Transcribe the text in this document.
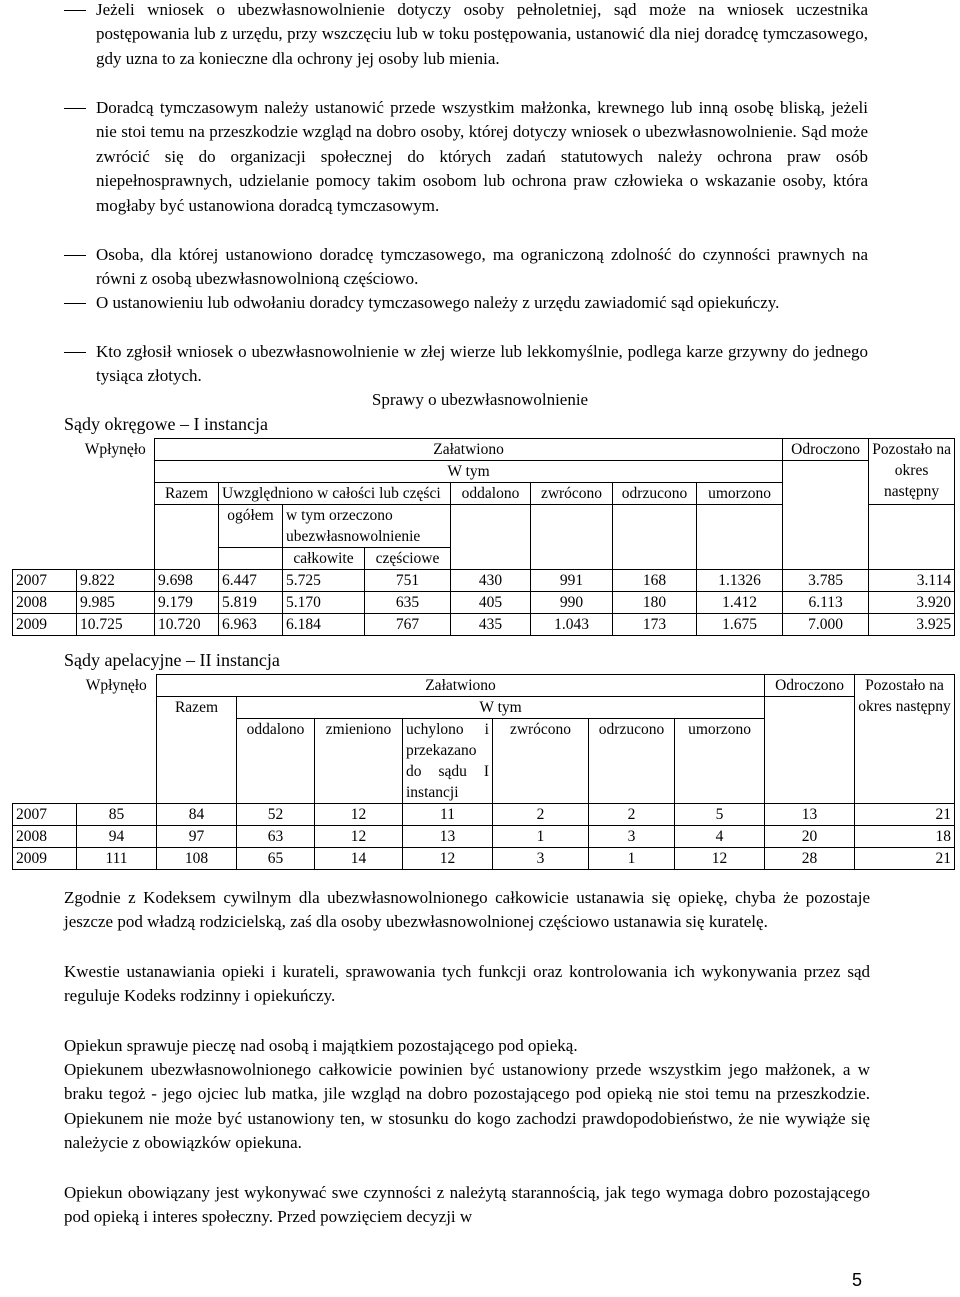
Jeżeli wniosek o ubezwłasnowolnienie dotyczy osoby pełnoletniej, sąd może na wniosek uczestnika postępowania lub z urzędu, przy wszczęciu lub w toku postępowania, ustanowić dla niej doradcę tymczasowego, gdy uzna to za konieczne dla ochrony jej osoby lub mienia.
Doradcą tymczasowym należy ustanowić przede wszystkim małżonka, krewnego lub inną osobę bliską, jeżeli nie stoi temu na przeszkodzie wzgląd na dobro osoby, której dotyczy wniosek o ubezwłasnowolnienie. Sąd może zwrócić się do organizacji społecznej do których zadań statutowych należy ochrona praw osób niepełnosprawnych, udzielanie pomocy takim osobom lub ochrona praw człowieka o wskazanie osoby, która mogłaby być ustanowiona doradcą tymczasowym.
Osoba, dla której ustanowiono doradcę tymczasowego, ma ograniczoną zdolność do czynności prawnych na równi z osobą ubezwłasnowolnioną częściowo.
O ustanowieniu lub odwołaniu doradcy tymczasowego należy z urzędu zawiadomić sąd opiekuńczy.
Kto zgłosił wniosek o ubezwłasnowolnienie w złej wierze lub lekkomyślnie, podlega karze grzywny do jednego tysiąca złotych.
Sprawy o ubezwłasnowolnienie
Sądy okręgowe – I instancja
	Wpłynęło	Załatwiono								Odroczono	Pozostało na okres następny
		W tym									
		Razem	Uwzględniono w całości lub części			oddalono	zwrócono	odrzucono	umorzono		
			ogółem	w tym orzeczono ubezwłasnowolnienie							
				całkowite	częściowe						
2007	9.822	9.698	6.447	5.725	751	430	991	168	1.1326	3.785	3.114
2008	9.985	9.179	5.819	5.170	635	405	990	180	1.412	6.113	3.920
2009	10.725	10.720	6.963	6.184	767	435	1.043	173	1.675	7.000	3.925
Sądy apelacyjne – II instancja
	Wpłynęło	Załatwiono							Odroczono	Pozostało na okres następny
		Razem	W tym							
			oddalono	zmieniono	uchylono i przekazano do sądu I instancji	zwrócono	odrzucono	umorzono		
2007	85	84	52	12	11	2	2	5	13	21
2008	94	97	63	12	13	1	3	4	20	18
2009	111	108	65	14	12	3	1	12	28	21
Zgodnie z Kodeksem cywilnym dla ubezwłasnowolnionego całkowicie ustanawia się opiekę, chyba że pozostaje jeszcze pod władzą rodzicielską, zaś dla osoby ubezwłasnowolnionej częściowo ustanawia się kuratelę.
Kwestie ustanawiania opieki i kurateli, sprawowania tych funkcji oraz kontrolowania ich wykonywania przez sąd reguluje Kodeks rodzinny i opiekuńczy.
Opiekun sprawuje pieczę nad osobą i majątkiem pozostającego pod opieką.
Opiekunem ubezwłasnowolnionego całkowicie powinien być ustanowiony przede wszystkim jego małżonek, a w braku tegoż - jego ojciec lub matka, jile wzgląd na dobro pozostającego pod opieką nie stoi temu na przeszkodzie. Opiekunem nie może być ustanowiony ten, w stosunku do kogo zachodzi prawdopodobieństwo, że nie wywiąże się należycie z obowiązków opiekuna.
Opiekun obowiązany jest wykonywać swe czynności z należytą starannością, jak tego wymaga dobro pozostającego pod opieką i interes społeczny. Przed powzięciem decyzji w
5
